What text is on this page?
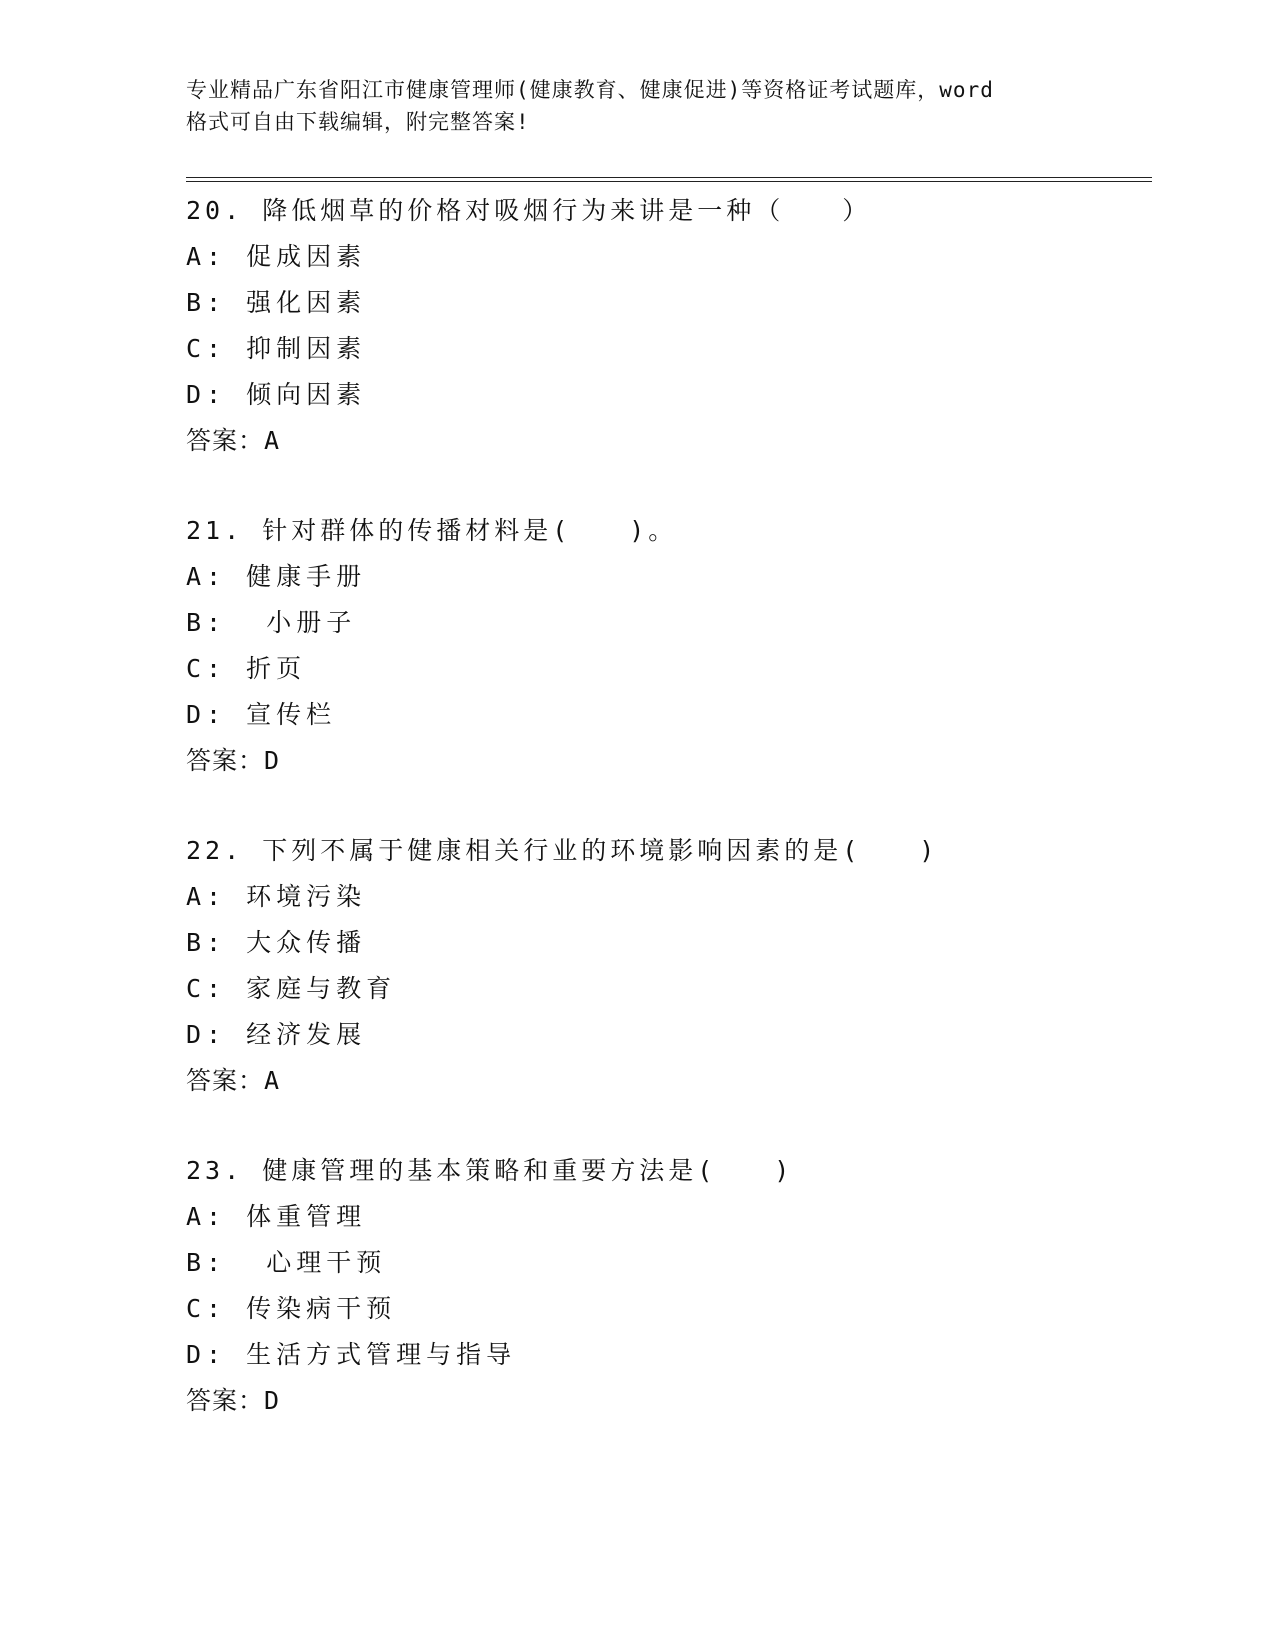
专业精品广东省阳江市健康管理师(健康教育、健康促进)等资格证考试题库，word
格式可自由下载编辑，附完整答案!
20. 降低烟草的价格对吸烟行为来讲是一种（　　）
A: 促成因素
B: 强化因素
C: 抑制因素
D: 倾向因素
答案：A
21. 针对群体的传播材料是(　　)。
A: 健康手册
B:  小册子
C: 折页
D: 宣传栏
答案：D
22. 下列不属于健康相关行业的环境影响因素的是(　　)
A: 环境污染
B: 大众传播
C: 家庭与教育
D: 经济发展
答案：A
23. 健康管理的基本策略和重要方法是(　　)
A: 体重管理
B:  心理干预
C: 传染病干预
D: 生活方式管理与指导
答案：D
